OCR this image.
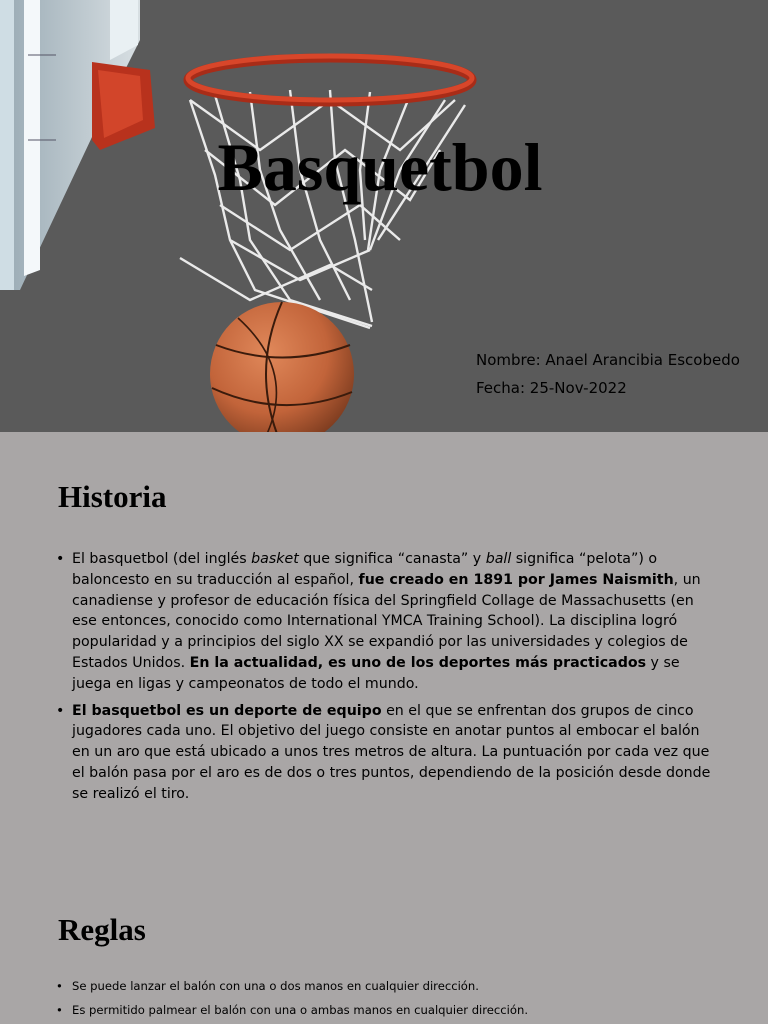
Basquetbol
Nombre: Anael Arancibia Escobedo
Fecha: 25-Nov-2022
Historia
• El basquetbol (del inglés basket que significa “canasta” y ball significa “pelota”) o baloncesto en su traducción al español, fue creado en 1891 por James Naismith, un canadiense y profesor de educación física del Springfield Collage de Massachusetts (en ese entonces, conocido como International YMCA Training School). La disciplina logró popularidad y a principios del siglo XX se expandió por las universidades y colegios de Estados Unidos. En la actualidad, es uno de los deportes más practicados y se juega en ligas y campeonatos de todo el mundo.
• El basquetbol es un deporte de equipo en el que se enfrentan dos grupos de cinco jugadores cada uno. El objetivo del juego consiste en anotar puntos al embocar el balón en un aro que está ubicado a unos tres metros de altura. La puntuación por cada vez que el balón pasa por el aro es de dos o tres puntos, dependiendo de la posición desde donde se realizó el tiro.
Reglas
• Se puede lanzar el balón con una o dos manos en cualquier dirección.
• Es permitido palmear el balón con una o ambas manos en cualquier dirección.
